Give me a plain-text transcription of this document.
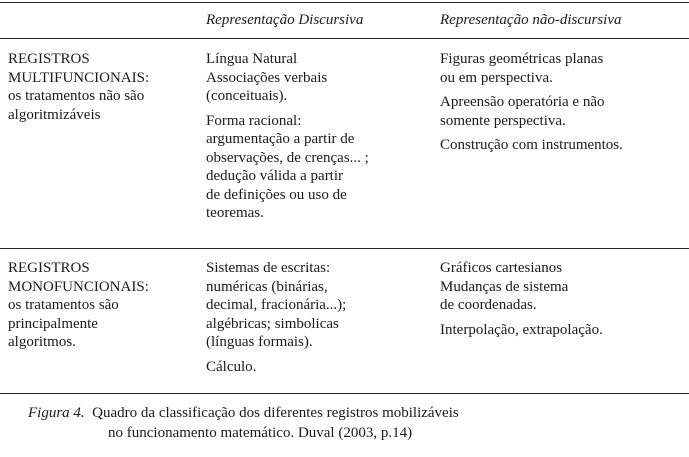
Representação Discursiva	Representação não-discursiva
REGISTROS
MULTIFUNCIONAIS:
os tratamentos não são
algoritmizáveis
Língua Natural
Associações verbais
(conceituais).
Forma racional:
argumentação a partir de
observações, de crenças... ;
dedução válida a partir
de definições ou uso de
teoremas.
Figuras geométricas planas
ou em perspectiva.
Apreensão operatória e não
somente perspectiva.
Construção com instrumentos.
REGISTROS
MONOFUNCIONAIS:
os tratamentos são
principalmente
algoritmos.
Sistemas de escritas:
numéricas (binárias,
decimal, fracionária...);
algébricas; simbolicas
(línguas formais).
Cálculo.
Gráficos cartesianos
Mudanças de sistema
de coordenadas.
Interpolação, extrapolação.
Figura 4. Quadro da classificação dos diferentes registros mobilizáveis
no funcionamento matemático. Duval (2003, p.14)
